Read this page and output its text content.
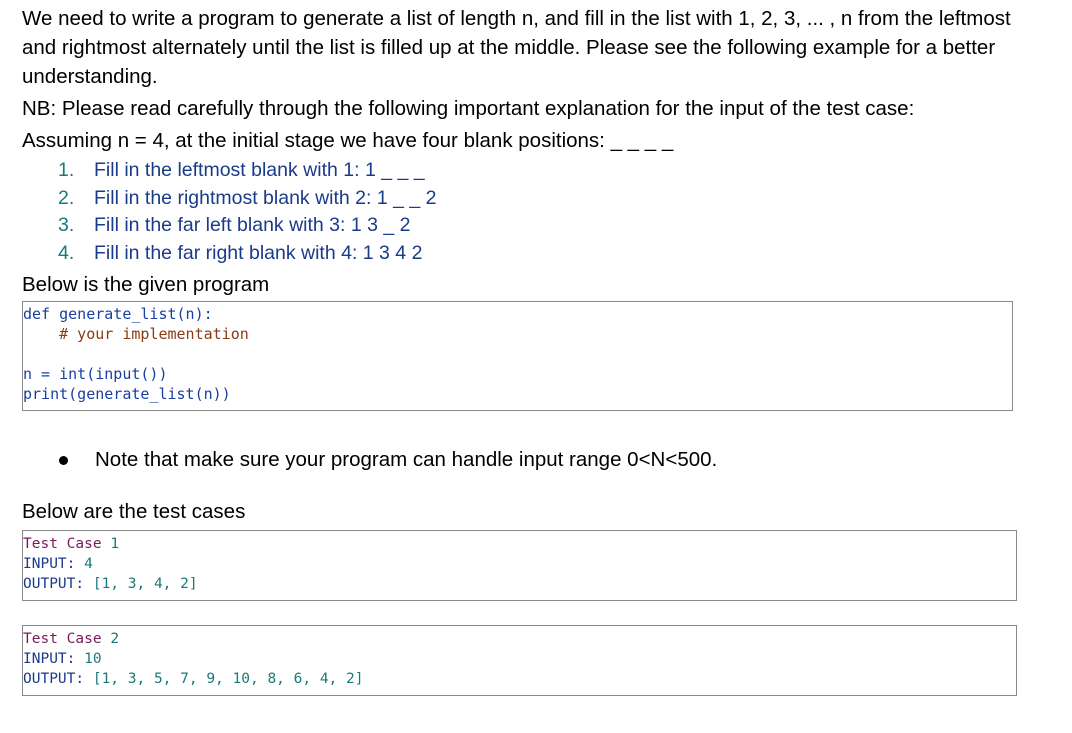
We need to write a program to generate a list of length n, and fill in the list with 1, 2, 3, ... , n from the leftmost and rightmost alternately until the list is filled up at the middle. Please see the following example for a better understanding.

NB: Please read carefully through the following important explanation for the input of the test case:

Assuming n = 4, at the initial stage we have four blank positions: _ _ _ _

1.	Fill in the leftmost blank with 1: 1 _ _ _
2.	Fill in the rightmost blank with 2: 1 _ _ 2
3.	Fill in the far left blank with 3: 1 3 _ 2
4.	Fill in the far right blank with 4: 1 3 4 2

Below is the given program

def generate_list(n):
# your implementation

n = int(input())
print(generate_list(n))
Note that make sure your program can handle input range 0<N<500.

Below are the test cases

Test Case 1
INPUT: 4
OUTPUT: [1, 3, 4, 2]
Test Case 2
INPUT: 10
OUTPUT: [1, 3, 5, 7, 9, 10, 8, 6, 4, 2]
